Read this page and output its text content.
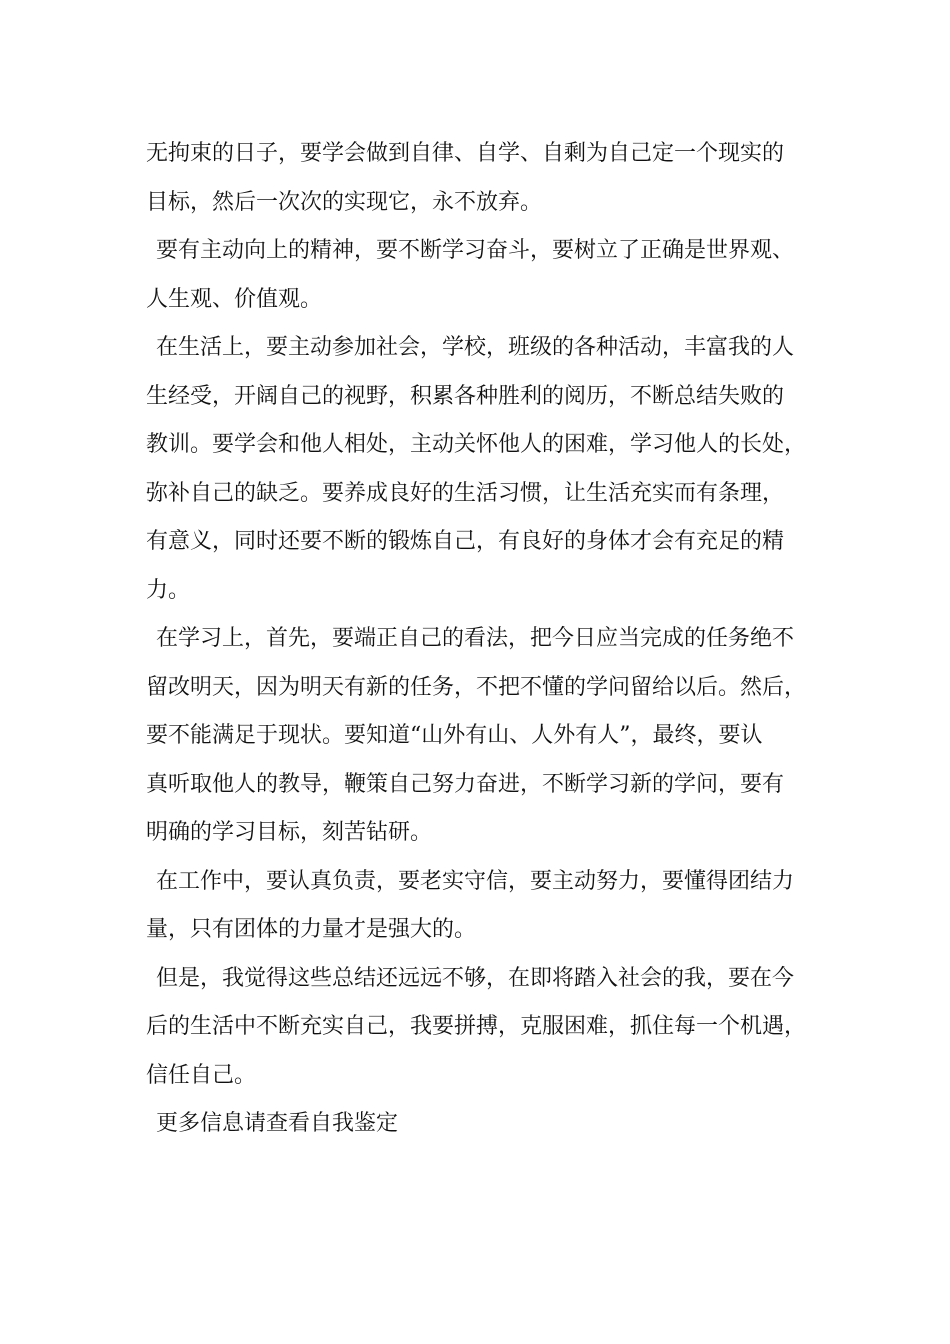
无拘束的日子，要学会做到自律、自学、自剩为自己定一个现实的
目标，然后一次次的实现它，永不放弃。
要有主动向上的精神，要不断学习奋斗，要树立了正确是世界观、
人生观、价值观。
在生活上，要主动参加社会，学校，班级的各种活动，丰富我的人
生经受，开阔自己的视野，积累各种胜利的阅历，不断总结失败的
教训。要学会和他人相处，主动关怀他人的困难，学习他人的长处，
弥补自己的缺乏。要养成良好的生活习惯，让生活充实而有条理，
有意义，同时还要不断的锻炼自己，有良好的身体才会有充足的精
力。
在学习上，首先，要端正自己的看法，把今日应当完成的任务绝不
留改明天，因为明天有新的任务，不把不懂的学问留给以后。然后，
要不能满足于现状。要知道“山外有山、人外有人”，最终，要认
真听取他人的教导，鞭策自己努力奋进，不断学习新的学问，要有
明确的学习目标，刻苦钻研。
在工作中，要认真负责，要老实守信，要主动努力，要懂得团结力
量，只有团体的力量才是强大的。
但是，我觉得这些总结还远远不够，在即将踏入社会的我，要在今
后的生活中不断充实自己，我要拼搏，克服困难，抓住每一个机遇，
信任自己。
更多信息请查看自我鉴定
